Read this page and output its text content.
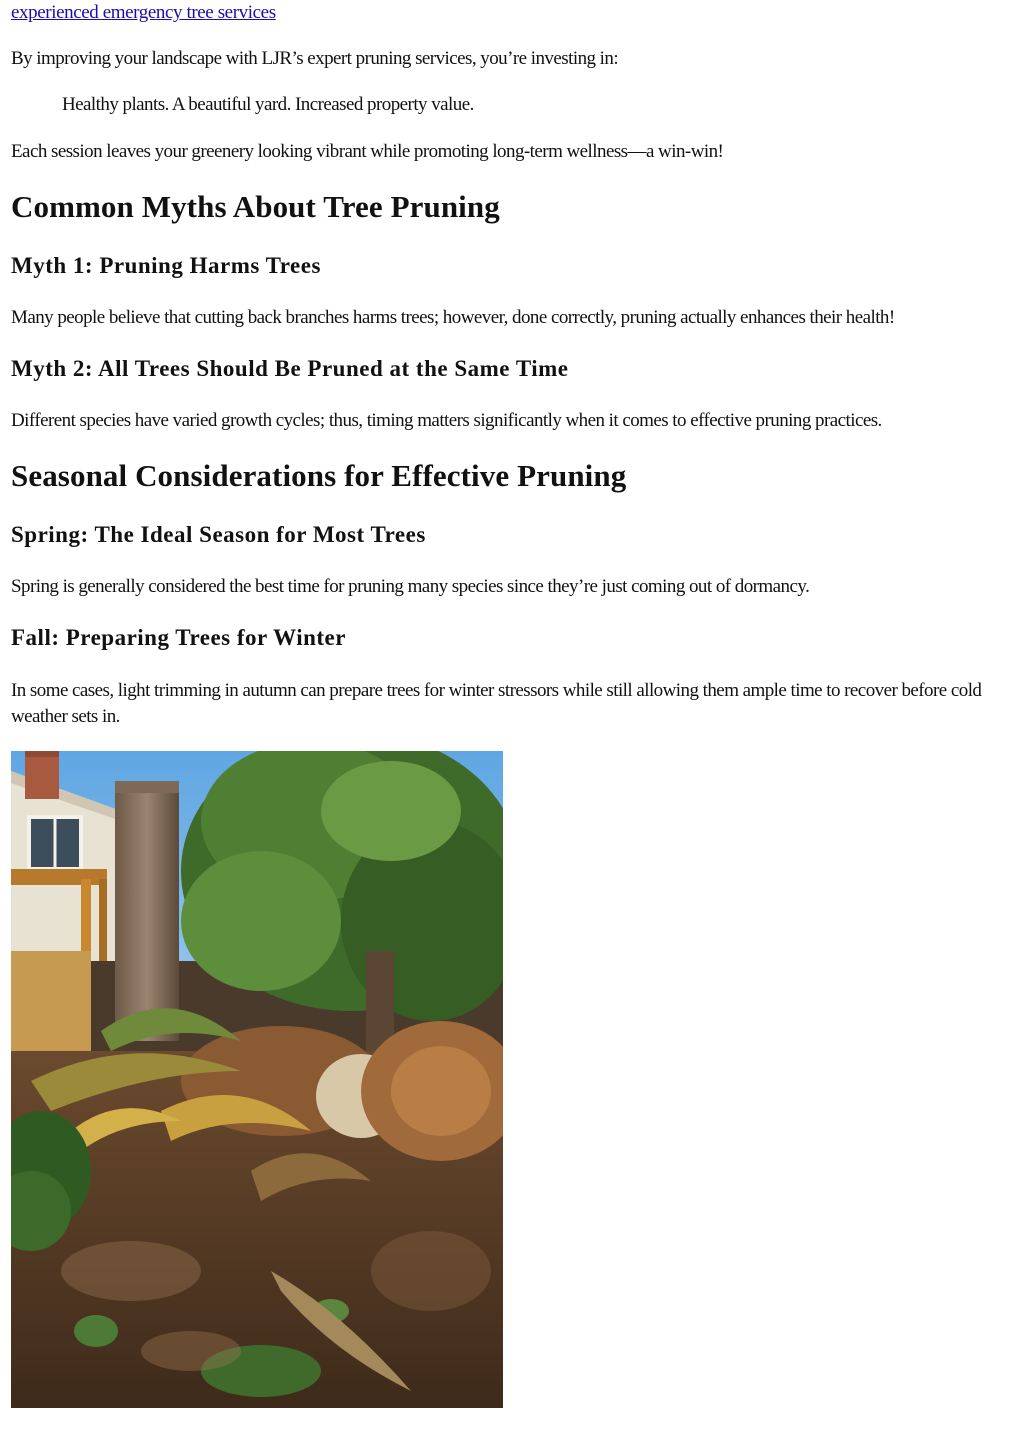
experienced emergency tree services
By improving your landscape with LJR’s expert pruning services, you’re investing in:
Healthy plants. A beautiful yard. Increased property value.
Each session leaves your greenery looking vibrant while promoting long-term wellness—a win-win!
Common Myths About Tree Pruning
Myth 1: Pruning Harms Trees
Many people believe that cutting back branches harms trees; however, done correctly, pruning actually enhances their health!
Myth 2: All Trees Should Be Pruned at the Same Time
Different species have varied growth cycles; thus, timing matters significantly when it comes to effective pruning practices.
Seasonal Considerations for Effective Pruning
Spring: The Ideal Season for Most Trees
Spring is generally considered the best time for pruning many species since they’re just coming out of dormancy.
Fall: Preparing Trees for Winter
In some cases, light trimming in autumn can prepare trees for winter stressors while still allowing them ample time to recover before cold weather sets in.
